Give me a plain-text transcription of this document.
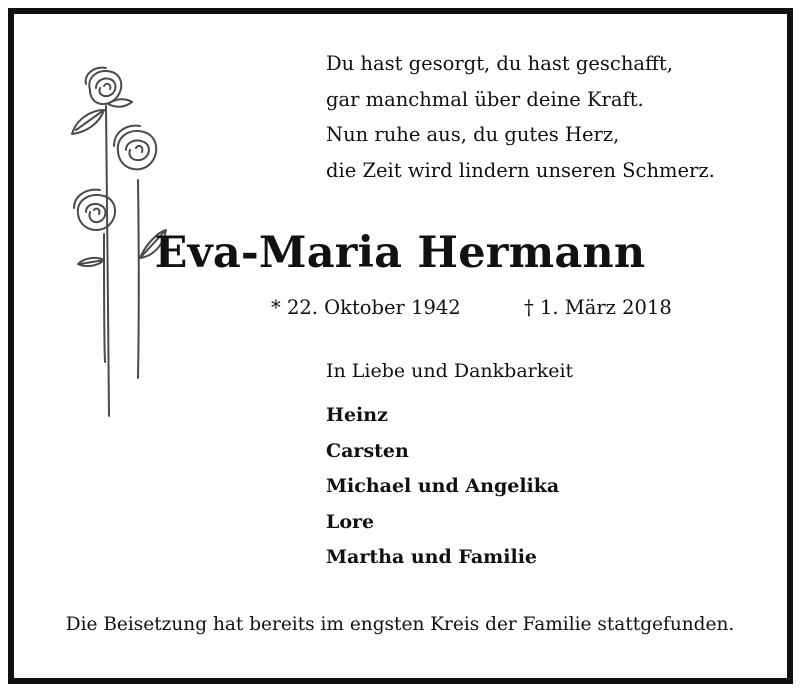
Du hast gesorgt, du hast geschafft,
gar manchmal über deine Kraft.
Nun ruhe aus, du gutes Herz,
die Zeit wird lindern unseren Schmerz.
Eva-Maria Hermann
* 22. Oktober 1942	† 1. März 2018
In Liebe und Dankbarkeit
Heinz
Carsten
Michael und Angelika
Lore
Martha und Familie
Die Beisetzung hat bereits im engsten Kreis der Familie stattgefunden.
